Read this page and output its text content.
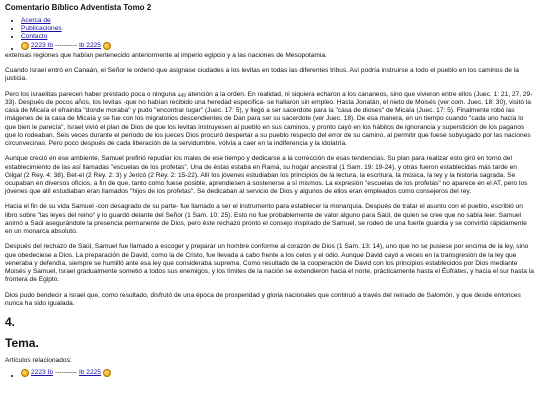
Comentario Bíblico Adventista Tomo 2
• Acerca de
• Publicaciones
• Contacto
• 2223 Ib ---------- Ib 2225

extensas regiones que habían pertenecido anteriormente al imperio egipcio y a las naciones de Mesopotamia.

Cuando Israel entró en Canaán, el Señor le ordenó que asignase ciudades a los levitas en todas las diferentes tribus. Así podría instruirse a todo el pueblo en los caminos de la justicia.

Pero los israelitas parecen haber prestado poca o ninguna 449 atención a la orden. En realidad, ni siquiera echaron a los cananeos, sino que vivieron entre ellos (Juec. 1: 21, 27, 29-33). Después de pocos años, los levitas -que no habían recibido una heredad específica- se hallaron sin empleo. Hasta Jonatán, el nieto de Moisés (ver com. Juec. 18: 30), visitó la casa de Micaía el efrainita "donde moraba" y pudo "encontrar lugar" (Juec. 17: 5), y llegó a ser sacerdote para la "casa de dioses" de Micaía (Juec. 17: 5). Finalmente robó las imágenes de la casa de Micaía y se fue con los migratorios descendientes de Dan para ser su sacerdote (ver Juec. 18). De esa manera, en un tiempo cuando "cada uno hacía lo que bien le parecía", Israel vivió el plan de Dios de que los levitas instruyesen al pueblo en sus caminos, y pronto cayó en los hábitos de ignorancia y superstición de los paganos que lo rodeaban. Seis veces durante el período de los jueces Dios procuró despertar a su pueblo respecto del error de su camino, al permitir que fuese subyugado por las naciones circunvecinas. Pero poco después de cada liberación de la servidumbre, volvía a caer en la indiferencia y la idolatría.

Aunque creció en ese ambiente, Samuel prefirió repudiar los males de ese tiempo y dedicarse a la corrección de esas tendencias. Su plan para realizar esto giró en torno del establecimiento de las así llamadas "escuelas de los profetas". Una de éstas estaba en Ramá, su hogar ancestral (1 Sam. 19: 19-24), y otras fueron establecidas más tarde en Gilgal (2 Rey. 4: 38), Bet-el (2 Rey. 2: 3) y Jericó (2 Rey. 2: 15-22). Allí los jóvenes estudiaban los principios de la lectura, la escritura, la música, la ley y la historia sagrada. Se ocupaban en diversos oficios, a fin de que, tanto como fuese posible, aprendiesen a sostenerse a sí mismos. La expresión "escuelas de los profetas" no aparece en el AT, pero los jóvenes que allí estudiaban eran llamados "hijos de los profetas". Se dedicaban al servicio de Dios y algunos de ellos eran empleados como consejeros del rey.

Hacia el fin de su vida Samuel -con desagrado de su parte- fue llamado a ser el instrumento para establecer la monarquía. Después de tratar el asunto con el pueblo, escribió un libro sobre "las leyes del reino" y lo guardó delante del Señor (1 Sam. 10: 25). Esto no fue probablemente de valor alguno para Saúl, de quien se cree que no sabía leer. Samuel animó a Saúl asegurándole la presencia permanente de Dios, pero éste rechazó pronto el consejo inspirado de Samuel, se rodeó de una fuerte guardia y se convirtió rápidamente en un monarca absoluto.

Después del rechazo de Saúl, Samuel fue llamado a escoger y preparar un hombre conforme al corazón de Dios (1 Sam. 13: 14), uno que no se pusiese por encima de la ley, sino que obedeciese a Dios. La preparación de David, como la de Cristo, fue llevada a cabo frente a los celos y el odio. Aunque David cayó a veces en la transgresión de la ley que veneraba y defendía, siempre se humilló ante esa ley que consideraba suprema. Como resultado de la cooperación de David con los principios establecidos por Dios mediante Moisés y Samuel, Israel gradualmente sometió a todos sus enemigos, y los límites de la nación se extendieron hacia el norte, prácticamente hasta el Éufrates, y hacia el sur hasta la frontera de Egipto.

Dios pudo bendecir a Israel que, como resultado, disfrutó de una época de prosperidad y gloria nacionales que continuó a través del reinado de Salomón, y que desde entonces nunca ha sido igualada.

4.
Tema.
Artículos relacionados:
• 2223 Ib ---------- Ib 2225
